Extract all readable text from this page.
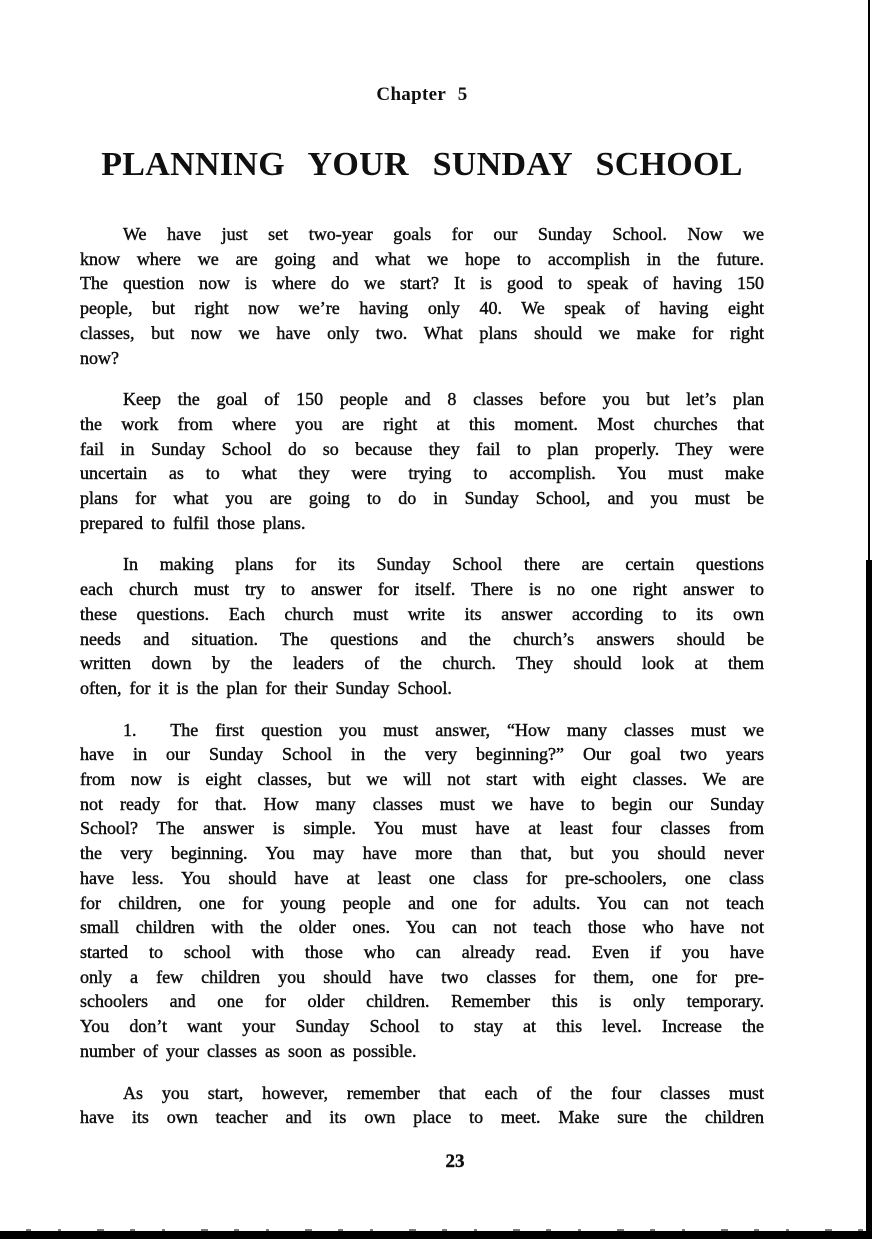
Chapter 5
PLANNING YOUR SUNDAY SCHOOL
We have just set two-year goals for our Sunday School. Now we
know where we are going and what we hope to accomplish in the future.
The question now is where do we start? It is good to speak of having 150
people, but right now we’re having only 40. We speak of having eight
classes, but now we have only two. What plans should we make for right
now?
Keep the goal of 150 people and 8 classes before you but let’s plan
the work from where you are right at this moment. Most churches that
fail in Sunday School do so because they fail to plan properly. They were
uncertain as to what they were trying to accomplish. You must make
plans for what you are going to do in Sunday School, and you must be
prepared to fulfil those plans.
In making plans for its Sunday School there are certain questions
each church must try to answer for itself. There is no one right answer to
these questions. Each church must write its answer according to its own
needs and situation. The questions and the church’s answers should be
written down by the leaders of the church. They should look at them
often, for it is the plan for their Sunday School.
1.  The first question you must answer, “How many classes must we
have in our Sunday School in the very beginning?” Our goal two years
from now is eight classes, but we will not start with eight classes. We are
not ready for that. How many classes must we have to begin our Sunday
School? The answer is simple. You must have at least four classes from
the very beginning. You may have more than that, but you should never
have less. You should have at least one class for pre-schoolers, one class
for children, one for young people and one for adults. You can not teach
small children with the older ones. You can not teach those who have not
started to school with those who can already read. Even if you have
only a few children you should have two classes for them, one for pre-
schoolers and one for older children. Remember this is only temporary.
You don’t want your Sunday School to stay at this level. Increase the
number of your classes as soon as possible.
As you start, however, remember that each of the four classes must
have its own teacher and its own place to meet. Make sure the children
23
